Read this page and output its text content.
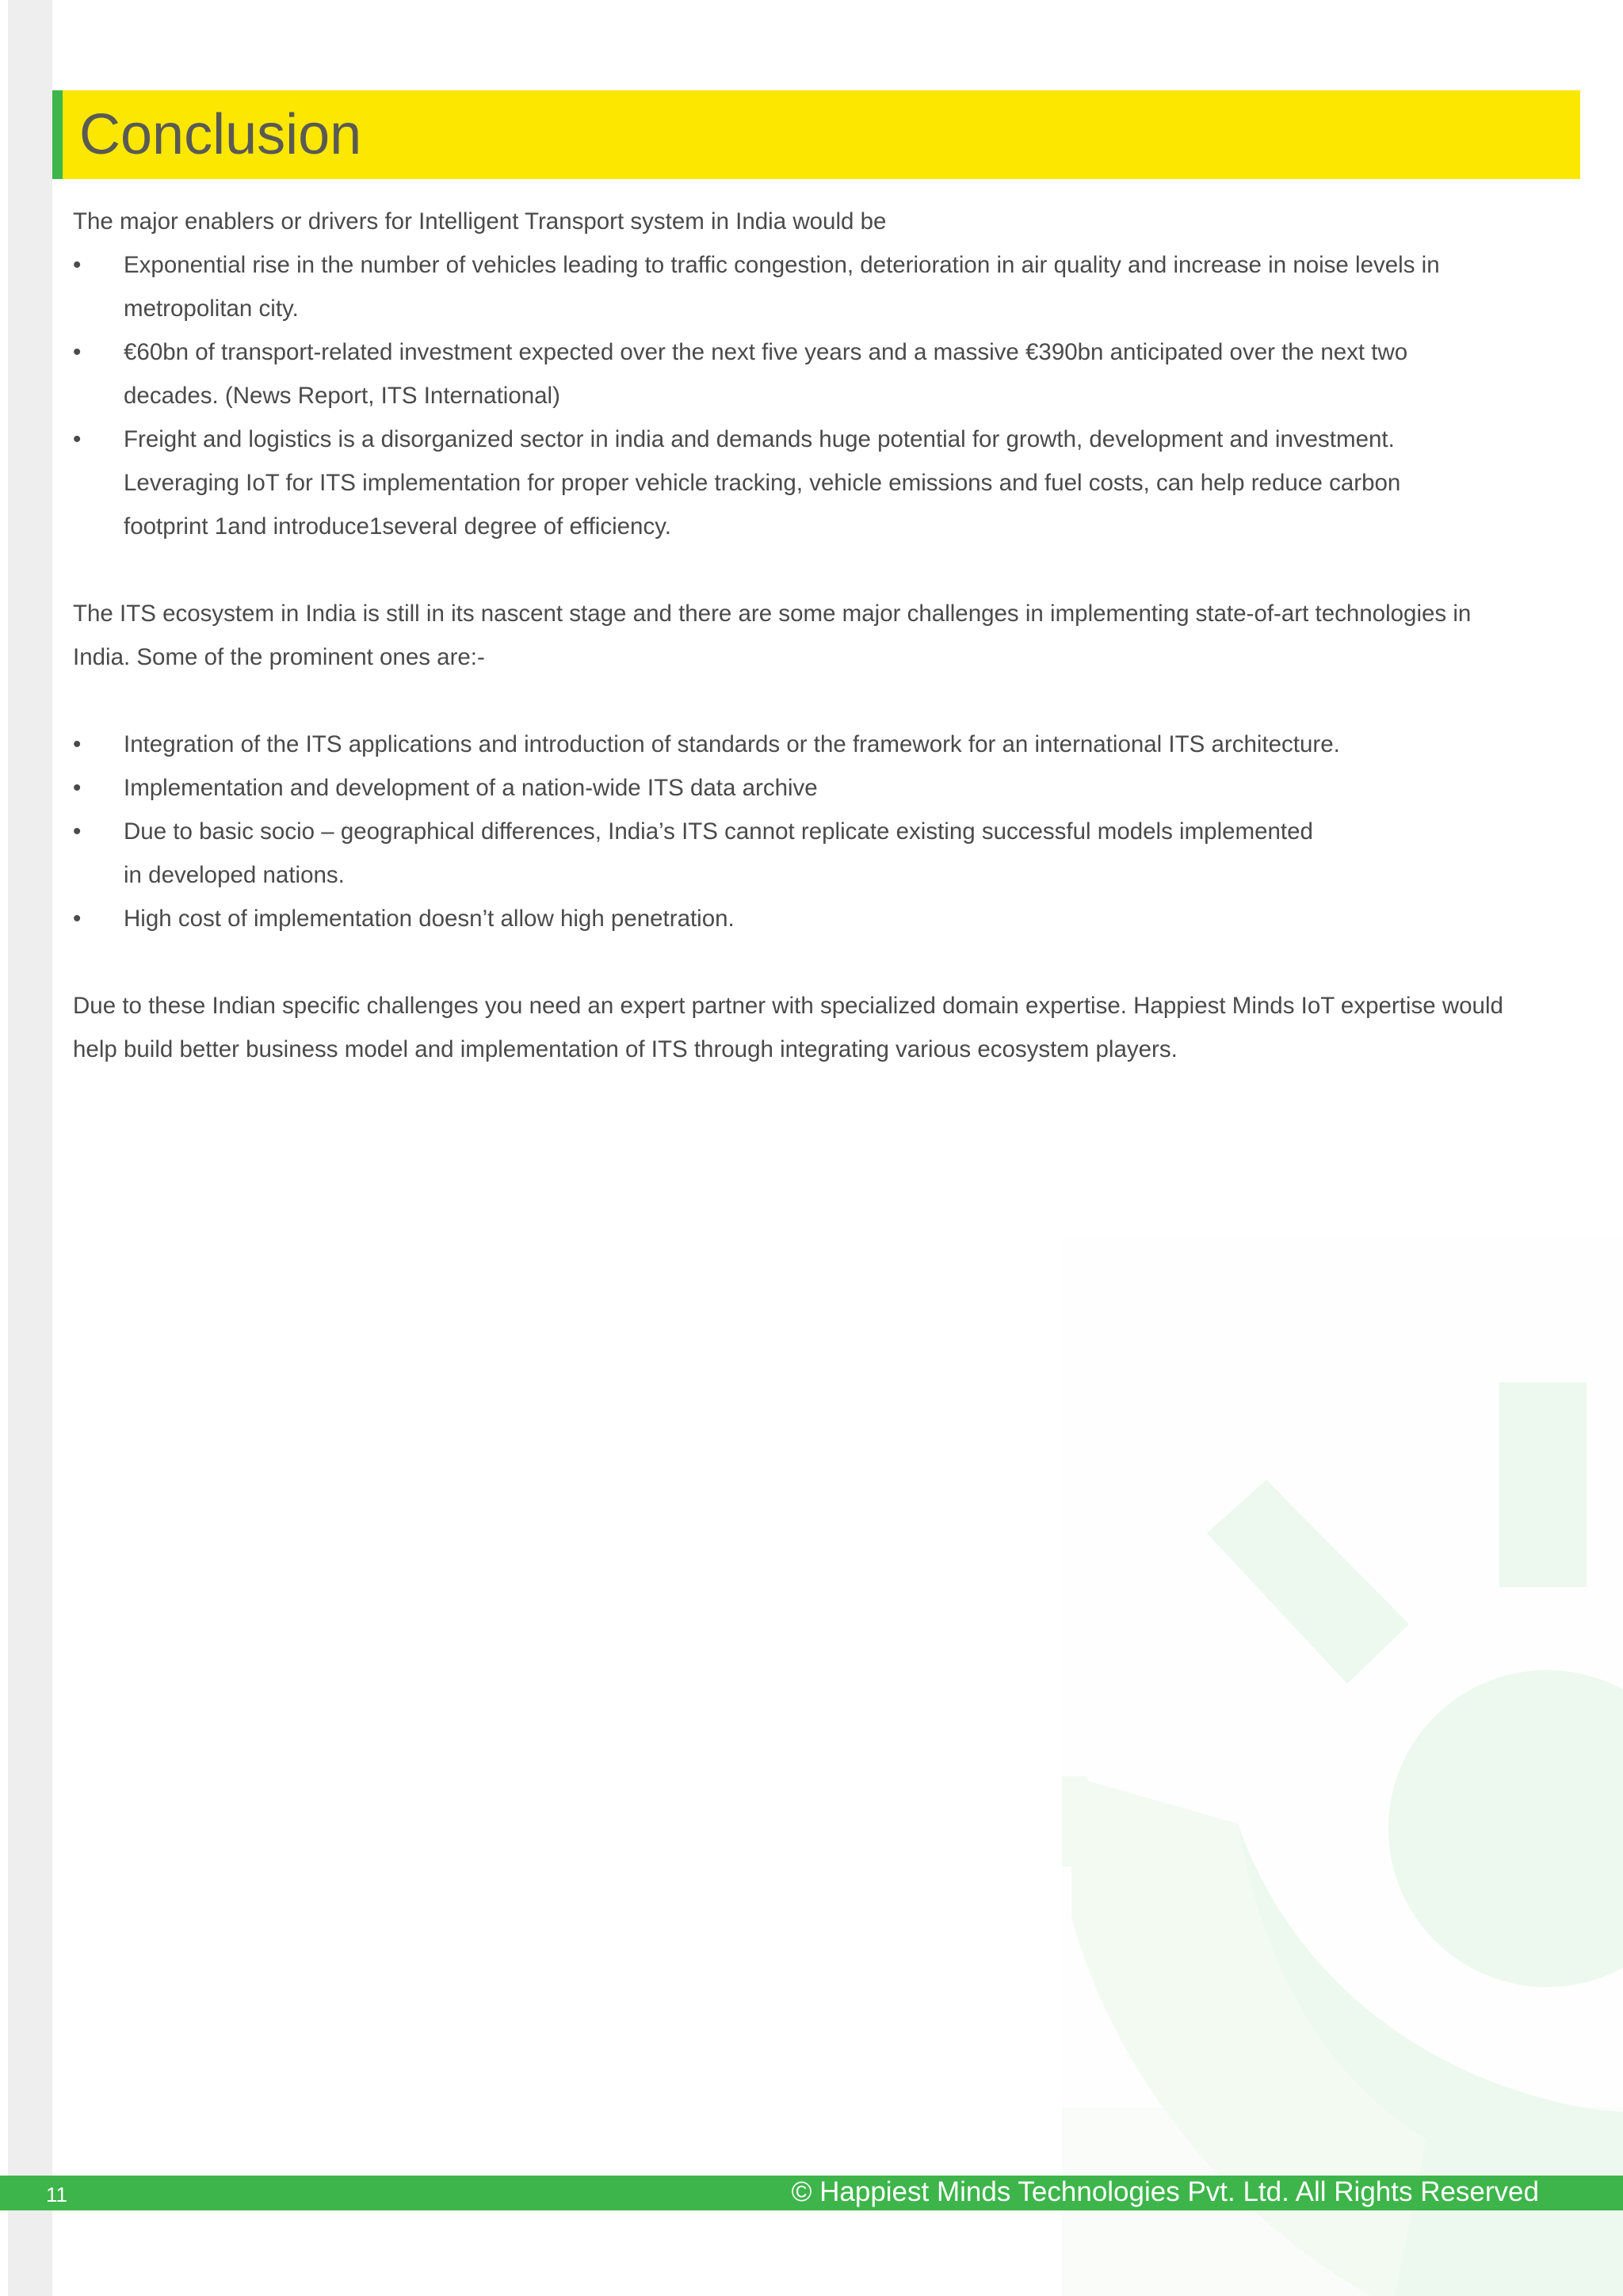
Conclusion

The major enablers or drivers for Intelligent Transport system in India would be

•	Exponential rise in the number of vehicles leading to traffic congestion, deterioration in air quality and increase in noise levels in
metropolitan city.
•	€60bn of transport-related investment expected over the next five years and a massive €390bn anticipated over the next two
decades. (News Report, ITS International)
•	Freight and logistics is a disorganized sector in india and demands huge potential for growth, development and investment.
Leveraging IoT for ITS implementation for proper vehicle tracking, vehicle emissions and fuel costs, can help reduce carbon
footprint 1and introduce1several degree of efficiency.

The ITS ecosystem in India is still in its nascent stage and there are some major challenges in implementing state-of-art technologies in

India. Some of the prominent ones are:-

•	Integration of the ITS applications and introduction of standards or the framework for an international ITS architecture.
•	Implementation and development of a nation-wide ITS data archive
•	Due to basic socio – geographical differences, India’s ITS cannot replicate existing successful models implemented
in developed nations.
•	High cost of implementation doesn’t allow high penetration.

Due to these Indian specific challenges you need an expert partner with specialized domain expertise. Happiest Minds IoT expertise would

help build better business model and implementation of ITS through integrating various ecosystem players.

11	© Happiest Minds Technologies Pvt. Ltd. All Rights Reserved
